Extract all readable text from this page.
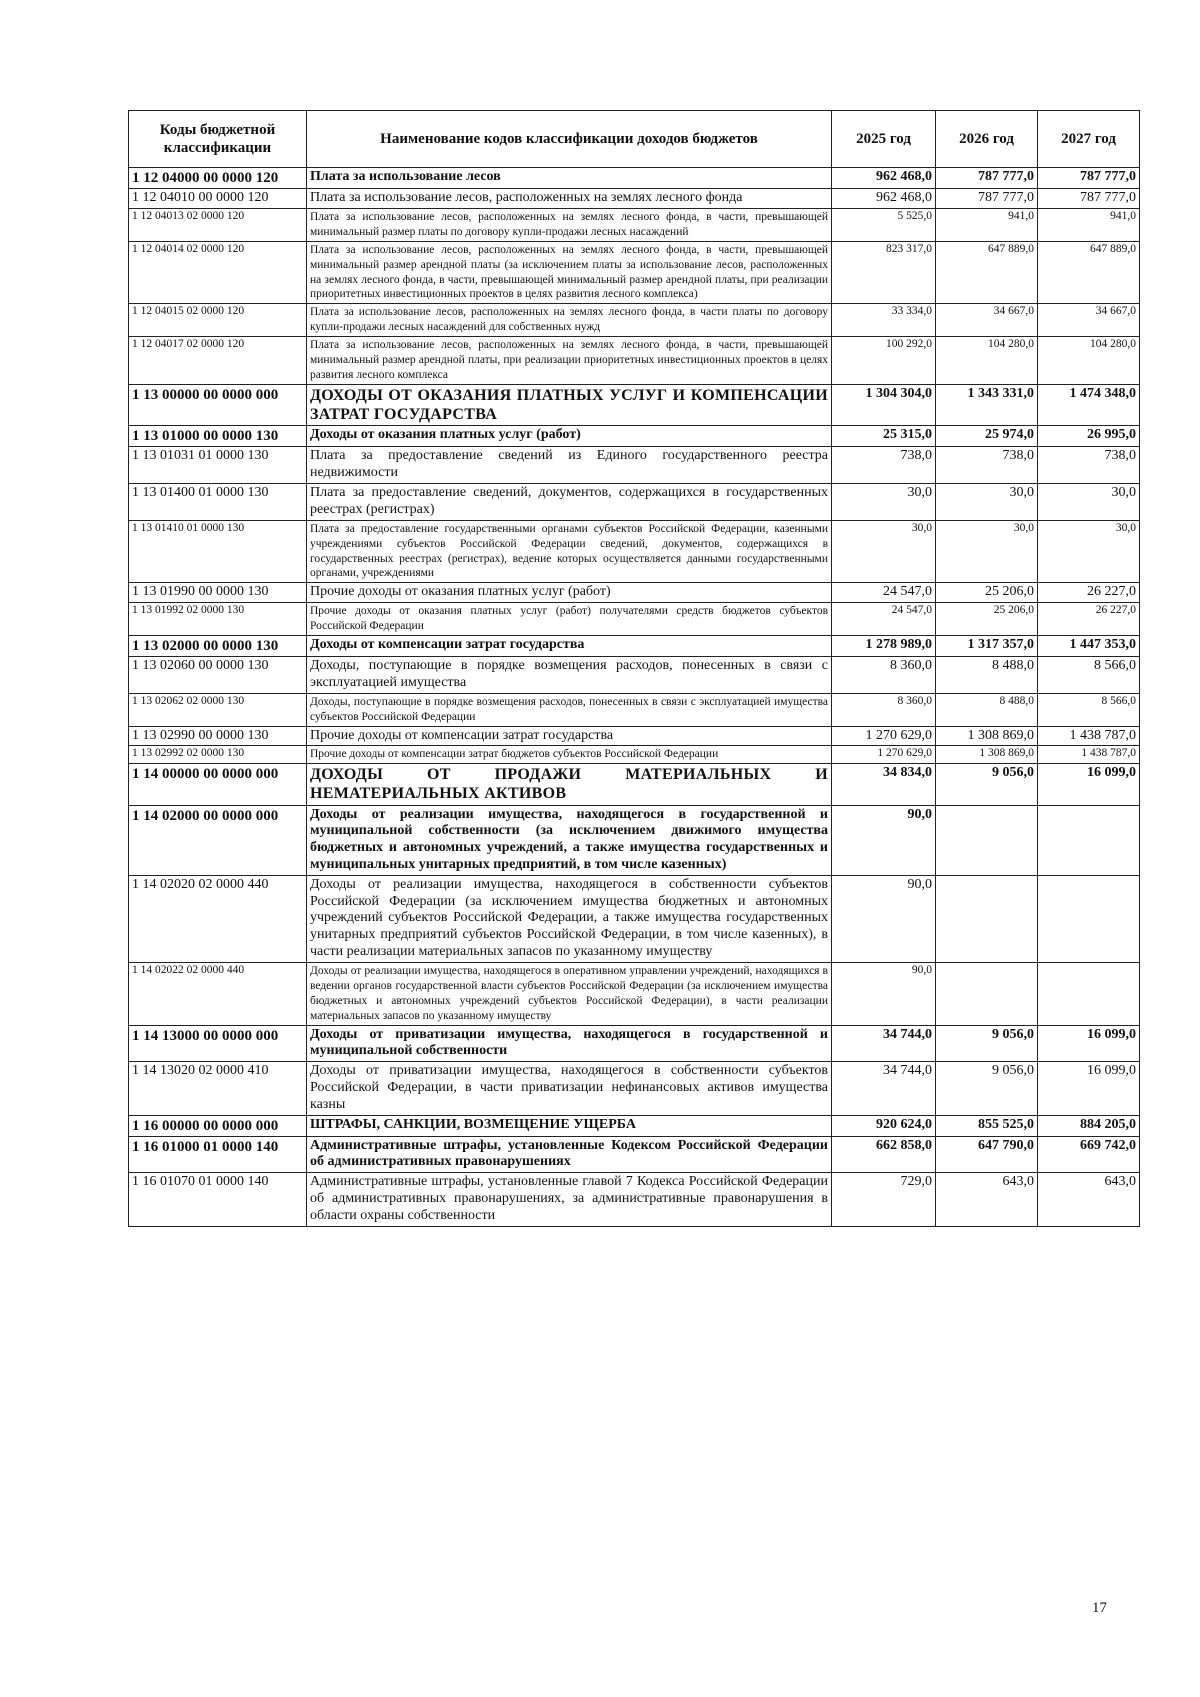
Коды бюджетной классификации	Наименование кодов классификации доходов бюджетов	2025 год	2026 год	2027 год
1 12 04000 00 0000 120	Плата за использование лесов	962 468,0	787 777,0	787 777,0
1 12 04010 00 0000 120	Плата за использование лесов, расположенных на землях лесного фонда	962 468,0	787 777,0	787 777,0
1 12 04013 02 0000 120	Плата за использование лесов, расположенных на землях лесного фонда, в части, превышающей минимальный размер платы по договору купли-продажи лесных насаждений	5 525,0	941,0	941,0
1 12 04014 02 0000 120	Плата за использование лесов, расположенных на землях лесного фонда, в части, превышающей минимальный размер арендной платы (за исключением платы за использование лесов, расположенных на землях лесного фонда, в части, превышающей минимальный размер арендной платы, при реализации приоритетных инвестиционных проектов в целях развития лесного комплекса)	823 317,0	647 889,0	647 889,0
1 12 04015 02 0000 120	Плата за использование лесов, расположенных на землях лесного фонда, в части платы по договору купли-продажи лесных насаждений для собственных нужд	33 334,0	34 667,0	34 667,0
1 12 04017 02 0000 120	Плата за использование лесов, расположенных на землях лесного фонда, в части, превышающей минимальный размер арендной платы, при реализации приоритетных инвестиционных проектов в целях развития лесного комплекса	100 292,0	104 280,0	104 280,0
1 13 00000 00 0000 000	ДОХОДЫ ОТ ОКАЗАНИЯ ПЛАТНЫХ УСЛУГ И КОМПЕНСАЦИИ ЗАТРАТ ГОСУДАРСТВА	1 304 304,0	1 343 331,0	1 474 348,0
1 13 01000 00 0000 130	Доходы от оказания платных услуг (работ)	25 315,0	25 974,0	26 995,0
1 13 01031 01 0000 130	Плата за предоставление сведений из Единого государственного реестра недвижимости	738,0	738,0	738,0
1 13 01400 01 0000 130	Плата за предоставление сведений, документов, содержащихся в государственных реестрах (регистрах)	30,0	30,0	30,0
1 13 01410 01 0000 130	Плата за предоставление государственными органами субъектов Российской Федерации, казенными учреждениями субъектов Российской Федерации сведений, документов, содержащихся в государственных реестрах (регистрах), ведение которых осуществляется данными государственными органами, учреждениями	30,0	30,0	30,0
1 13 01990 00 0000 130	Прочие доходы от оказания платных услуг (работ)	24 547,0	25 206,0	26 227,0
1 13 01992 02 0000 130	Прочие доходы от оказания платных услуг (работ) получателями средств бюджетов субъектов Российской Федерации	24 547,0	25 206,0	26 227,0
1 13 02000 00 0000 130	Доходы от компенсации затрат государства	1 278 989,0	1 317 357,0	1 447 353,0
1 13 02060 00 0000 130	Доходы, поступающие в порядке возмещения расходов, понесенных в связи с эксплуатацией имущества	8 360,0	8 488,0	8 566,0
1 13 02062 02 0000 130	Доходы, поступающие в порядке возмещения расходов, понесенных в связи с эксплуатацией имущества субъектов Российской Федерации	8 360,0	8 488,0	8 566,0
1 13 02990 00 0000 130	Прочие доходы от компенсации затрат государства	1 270 629,0	1 308 869,0	1 438 787,0
1 13 02992 02 0000 130	Прочие доходы от компенсации затрат бюджетов субъектов Российской Федерации	1 270 629,0	1 308 869,0	1 438 787,0
1 14 00000 00 0000 000	ДОХОДЫ ОТ ПРОДАЖИ МАТЕРИАЛЬНЫХ И НЕМАТЕРИАЛЬНЫХ АКТИВОВ	34 834,0	9 056,0	16 099,0
1 14 02000 00 0000 000	Доходы от реализации имущества, находящегося в государственной и муниципальной собственности (за исключением движимого имущества бюджетных и автономных учреждений, а также имущества государственных и муниципальных унитарных предприятий, в том числе казенных)	90,0		
1 14 02020 02 0000 440	Доходы от реализации имущества, находящегося в собственности субъектов Российской Федерации (за исключением имущества бюджетных и автономных учреждений субъектов Российской Федерации, а также имущества государственных унитарных предприятий субъектов Российской Федерации, в том числе казенных), в части реализации материальных запасов по указанному имуществу	90,0		
1 14 02022 02 0000 440	Доходы от реализации имущества, находящегося в оперативном управлении учреждений, находящихся в ведении органов государственной власти субъектов Российской Федерации (за исключением имущества бюджетных и автономных учреждений субъектов Российской Федерации), в части реализации материальных запасов по указанному имуществу	90,0		
1 14 13000 00 0000 000	Доходы от приватизации имущества, находящегося в государственной и муниципальной собственности	34 744,0	9 056,0	16 099,0
1 14 13020 02 0000 410	Доходы от приватизации имущества, находящегося в собственности субъектов Российской Федерации, в части приватизации нефинансовых активов имущества казны	34 744,0	9 056,0	16 099,0
1 16 00000 00 0000 000	ШТРАФЫ, САНКЦИИ, ВОЗМЕЩЕНИЕ УЩЕРБА	920 624,0	855 525,0	884 205,0
1 16 01000 01 0000 140	Административные штрафы, установленные Кодексом Российской Федерации об административных правонарушениях	662 858,0	647 790,0	669 742,0
1 16 01070 01 0000 140	Административные штрафы, установленные главой 7 Кодекса Российской Федерации об административных правонарушениях, за административные правонарушения в области охраны собственности	729,0	643,0	643,0
17
